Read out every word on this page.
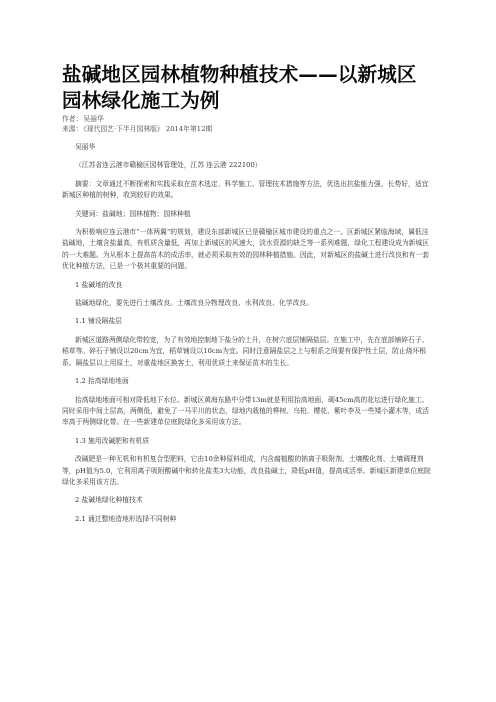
盐碱地区园林植物种植技术——以新城区
园林绿化施工为例
作者：吴丽华
来源：《现代园艺·下半月园林版》 2014年第12期

吴丽华

（江苏省连云港市赣榆区园林管理处，江苏 连云港 222100）

摘要：文章通过不断探索和实践采取在苗木选定、科学施工、管理技术措施等方法，优选出抗盐能力强，长势好，适宜新城区种植的树种，收到较好的效果。

关键词：盐碱地；园林植物；园林种植

为积极响应连云港市“一体两翼”的规划，建设东部新城区已是赣榆区城市建设的重点之一。区新城区紧临海域，属低洼盐碱地，土壤含盐量高，有机质含量低，再加上新城区的风速大，淡水资源的缺乏等一系列难题，绿化工程建设成为新城区的一大难题。为从根本上提高苗木的成活率，就必须采取有效的园林种植措施。因此，对新城区的盐碱土进行改良和有一套优化种植方法，已是一个极其重要的问题。

1 盐碱地的改良

盐碱地绿化，要先进行土壤改良。土壤改良分物理改良、水利改良、化学改良。

1.1 铺设隔盐层

新城区道路两侧绿化带较宽，为了有效地控制地下盐分的上升，在树穴底层铺隔盐层。在施工中，先在底部铺碎石子、稻草等。碎石子铺设以20cm为宜，稻草铺设以10cm为宜。同时注意隔盐层之上与根系之间要有保护性土层，防止烧坏根系。隔盐层以上用原土，对重盐地区换客土，利用优质土来保证苗木的生长。

1.2 抬高绿地地面

抬高绿地地面可相对降低地下水位。新城区黄海东路中分带13m就是利用抬高地面，砌45cm高的花坛进行绿化施工。同时采用中间土层高，两侧低，避免了一马平川的状态，绿地内栽植的桦树、乌桕、樱花、紫叶李及一些矮小灌木等，成活率高于两侧绿化带。在一些新建单位庭院绿化多采用该方法。

1.3 施用改碱肥和有机质

改碱肥是一种无机和有机复合型肥料，它由10余种原料组成，内含腐植酸的钠离子吸附剂、土壤酸化剂、土壤调理剂等，pH值为5.0，它利用离子吸附酸碱中和转化盐类3大功能，改良盐碱土，降低pH值，提高成活率。新城区新建单位庭院绿化多采用该方法。

2 盐碱地绿化种植技术

2.1 通过整地造地形选择不同树种
